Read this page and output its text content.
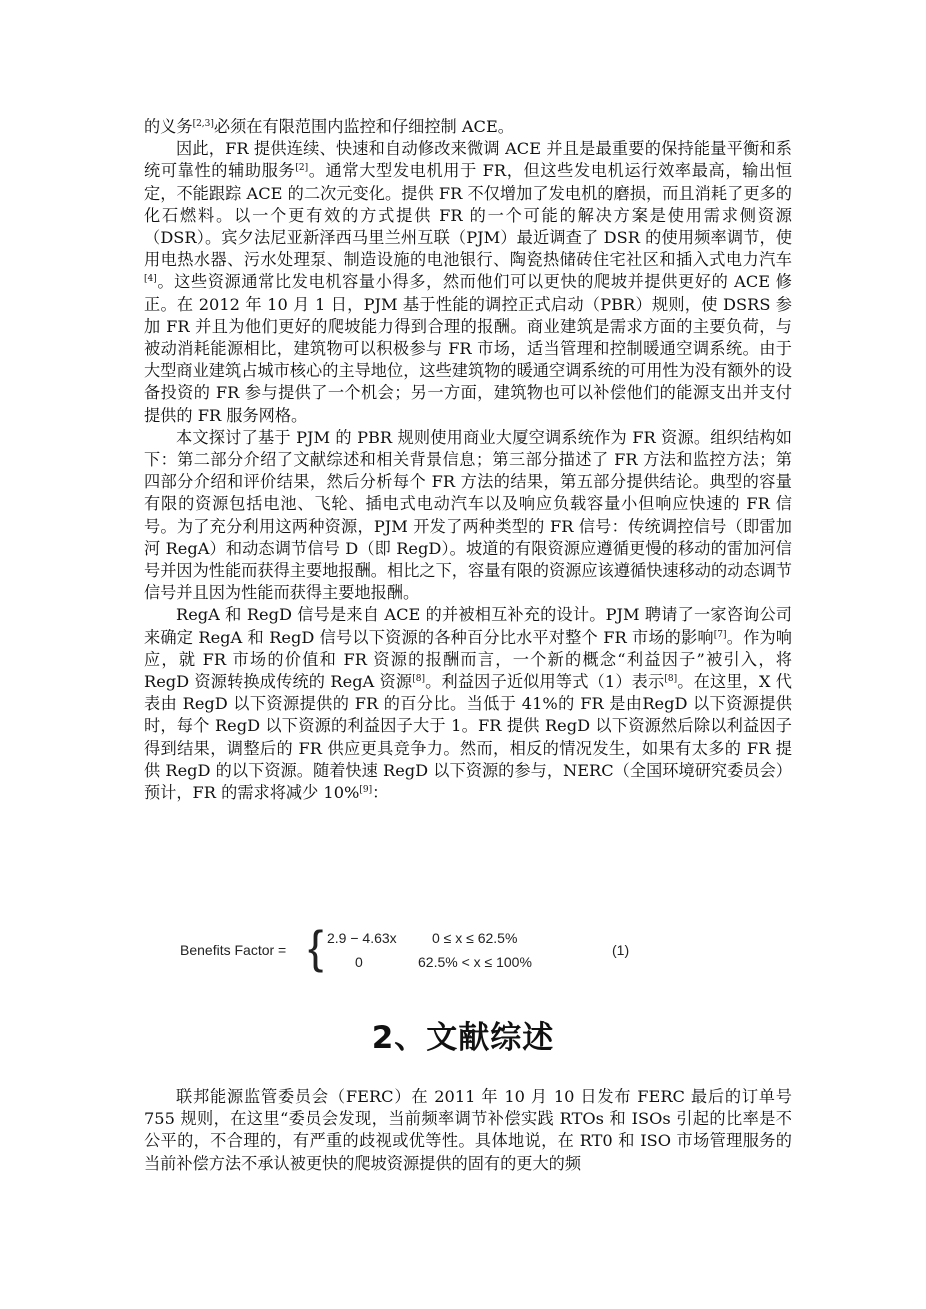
的义务[2,3]必须在有限范围内监控和仔细控制 ACE。

因此，FR 提供连续、快速和自动修改来微调 ACE 并且是最重要的保持能量平衡和系统可靠性的辅助服务[2]。通常大型发电机用于 FR，但这些发电机运行效率最高，输出恒定，不能跟踪 ACE 的二次元变化。提供 FR 不仅增加了发电机的磨损，而且消耗了更多的化石燃料。以一个更有效的方式提供 FR 的一个可能的解决方案是使用需求侧资源（DSR）。宾夕法尼亚新泽西马里兰州互联（PJM）最近调查了 DSR 的使用频率调节，使用电热水器、污水处理泵、制造设施的电池银行、陶瓷热储砖住宅社区和插入式电力汽车[4]。这些资源通常比发电机容量小得多，然而他们可以更快的爬坡并提供更好的 ACE 修正。在 2012 年 10 月 1 日，PJM 基于性能的调控正式启动（PBR）规则，使 DSRS 参加 FR 并且为他们更好的爬坡能力得到合理的报酬。商业建筑是需求方面的主要负荷，与被动消耗能源相比，建筑物可以积极参与 FR 市场，适当管理和控制暖通空调系统。由于大型商业建筑占城市核心的主导地位，这些建筑物的暖通空调系统的可用性为没有额外的设备投资的 FR 参与提供了一个机会；另一方面，建筑物也可以补偿他们的能源支出并支付提供的 FR 服务网格。

本文探讨了基于 PJM 的 PBR 规则使用商业大厦空调系统作为 FR 资源。组织结构如下：第二部分介绍了文献综述和相关背景信息；第三部分描述了 FR 方法和监控方法；第四部分介绍和评价结果，然后分析每个 FR 方法的结果，第五部分提供结论。典型的容量有限的资源包括电池、飞轮、插电式电动汽车以及响应负载容量小但响应快速的 FR 信号。为了充分利用这两种资源，PJM 开发了两种类型的 FR 信号：传统调控信号（即雷加河 RegA）和动态调节信号 D（即 RegD）。坡道的有限资源应遵循更慢的移动的雷加河信号并因为性能而获得主要地报酬。相比之下，容量有限的资源应该遵循快速移动的动态调节信号并且因为性能而获得主要地报酬。

RegA 和 RegD 信号是来自 ACE 的并被相互补充的设计。PJM 聘请了一家咨询公司来确定 RegA 和 RegD 信号以下资源的各种百分比水平对整个 FR 市场的影响[7]。作为响应，就 FR 市场的价值和 FR 资源的报酬而言，一个新的概念“利益因子”被引入，将 RegD 资源转换成传统的 RegA 资源[8]。利益因子近似用等式（1）表示[8]。在这里，X 代表由 RegD 以下资源提供的 FR 的百分比。当低于 41%的 FR 是由RegD 以下资源提供时，每个 RegD 以下资源的利益因子大于 1。FR 提供 RegD 以下资源然后除以利益因子得到结果，调整后的 FR 供应更具竞争力。然而，相反的情况发生，如果有太多的 FR 提供 RegD 的以下资源。随着快速 RegD 以下资源的参与，NERC（全国环境研究委员会）预计，FR 的需求将减少 10%[9]：

Benefits Factor = { 2.9 − 4.63x
0
0 ≤ x ≤ 62.5%
62.5% < x ≤ 100%
(1)
2、文献综述

联邦能源监管委员会（FERC）在 2011 年 10 月 10 日发布 FERC 最后的订单号 755 规则，在这里“委员会发现，当前频率调节补偿实践 RTOs 和 ISOs 引起的比率是不公平的，不合理的，有严重的歧视或优等性。具体地说，在 RT0 和 ISO 市场管理服务的当前补偿方法不承认被更快的爬坡资源提供的固有的更大的频
